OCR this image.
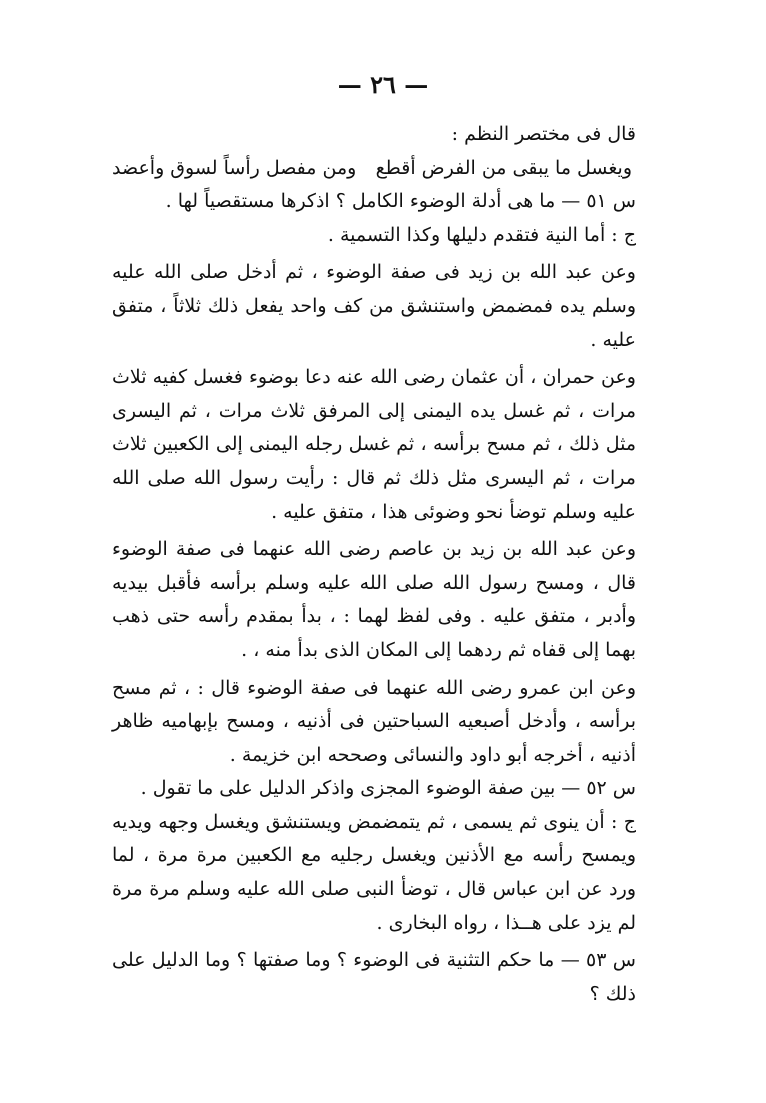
— ٢٦ —

قال فى مختصر النظم :

ويغسل ما يبقى من الفرض أقطع
ومن مفصل رأساً لسوق وأعضد

س ٥١ — ما هى أدلة الوضوء الكامل ؟ اذكرها مستقصياً لها .

ج : أما النية فتقدم دليلها وكذا التسمية .

وعن عبد الله بن زيد فى صفة الوضوء ، ثم أدخل صلى الله عليه وسلم يده فمضمض واستنشق من كف واحد يفعل ذلك ثلاثاً ، متفق عليه .

وعن حمران ، أن عثمان رضى الله عنه دعا بوضوء فغسل كفيه ثلاث مرات ، ثم غسل يده اليمنى إلى المرفق ثلاث مرات ، ثم اليسرى مثل ذلك ، ثم مسح برأسه ، ثم غسل رجله اليمنى إلى الكعبين ثلاث مرات ، ثم اليسرى مثل ذلك ثم قال : رأيت رسول الله صلى الله عليه وسلم توضأ نحو وضوئى هذا ، متفق عليه .

وعن عبد الله بن زيد بن عاصم رضى الله عنهما فى صفة الوضوء قال ، ومسح رسول الله صلى الله عليه وسلم برأسه فأقبل بيديه وأدبر ، متفق عليه . وفى لفظ لهما : ، بدأ بمقدم رأسه حتى ذهب بهما إلى قفاه ثم ردهما إلى المكان الذى بدأ منه ، .

وعن ابن عمرو رضى الله عنهما فى صفة الوضوء قال : ، ثم مسح برأسه ، وأدخل أصبعيه السباحتين فى أذنيه ، ومسح بإبهاميه ظاهر أذنيه ، أخرجه أبو داود والنسائى وصححه ابن خزيمة .

س ٥٢ — بين صفة الوضوء المجزى واذكر الدليل على ما تقول .

ج : أن ينوى ثم يسمى ، ثم يتمضمض ويستنشق ويغسل وجهه ويديه ويمسح رأسه مع الأذنين ويغسل رجليه مع الكعبين مرة مرة ، لما ورد عن ابن عباس قال ، توضأ النبى صلى الله عليه وسلم مرة مرة لم يزد على هــذا ، رواه البخارى .

س ٥٣ — ما حكم التثنية فى الوضوء ؟ وما صفتها ؟ وما الدليل على ذلك ؟
